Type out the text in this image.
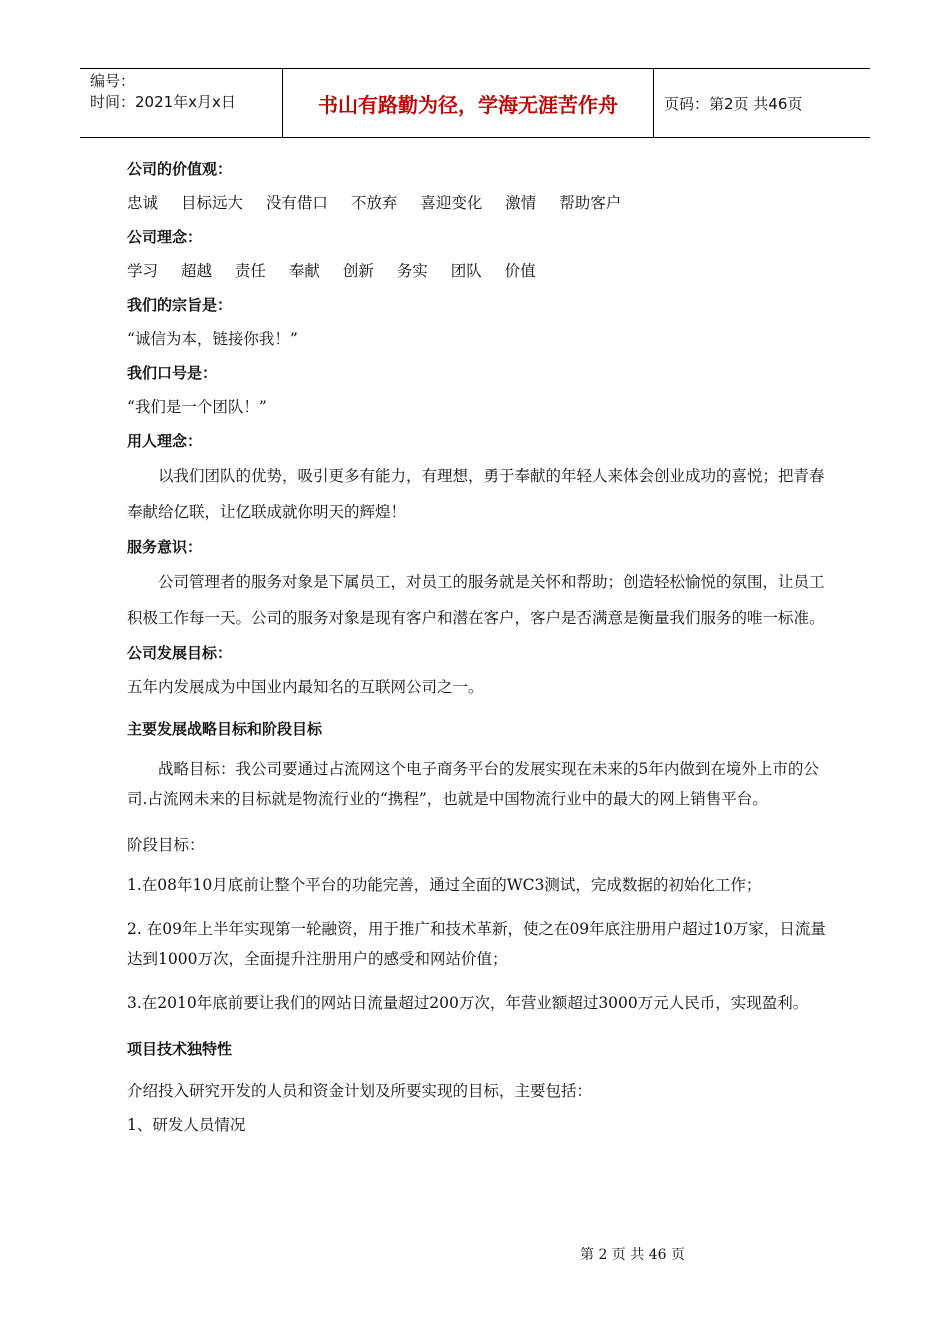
编号：
时间：2021年x月x日	书山有路勤为径，学海无涯苦作舟	页码：第2页 共46页
公司的价值观：
忠诚 目标远大 没有借口 不放弃 喜迎变化 激情 帮助客户
公司理念：
学习 超越 责任 奉献 创新 务实 团队 价值
我们的宗旨是：
“诚信为本，链接你我！”
我们口号是：
“我们是一个团队！”
用人理念：
以我们团队的优势，吸引更多有能力，有理想，勇于奉献的年轻人来体会创业成功的喜悦；把青春奉献给亿联，让亿联成就你明天的辉煌！
服务意识：
公司管理者的服务对象是下属员工，对员工的服务就是关怀和帮助；创造轻松愉悦的氛围，让员工积极工作每一天。公司的服务对象是现有客户和潜在客户，客户是否满意是衡量我们服务的唯一标准。
公司发展目标：
五年内发展成为中国业内最知名的互联网公司之一。
主要发展战略目标和阶段目标
战略目标：我公司要通过占流网这个电子商务平台的发展实现在未来的5年内做到在境外上市的公司.占流网未来的目标就是物流行业的“携程”，也就是中国物流行业中的最大的网上销售平台。
阶段目标：
1.在08年10月底前让整个平台的功能完善，通过全面的WC3测试，完成数据的初始化工作；
2. 在09年上半年实现第一轮融资，用于推广和技术革新，使之在09年底注册用户超过10万家，日流量达到1000万次，全面提升注册用户的感受和网站价值；
3.在2010年底前要让我们的网站日流量超过200万次，年营业额超过3000万元人民币，实现盈利。
项目技术独特性
介绍投入研究开发的人员和资金计划及所要实现的目标，主要包括：
1、研发人员情况
第 2 页 共 46 页
